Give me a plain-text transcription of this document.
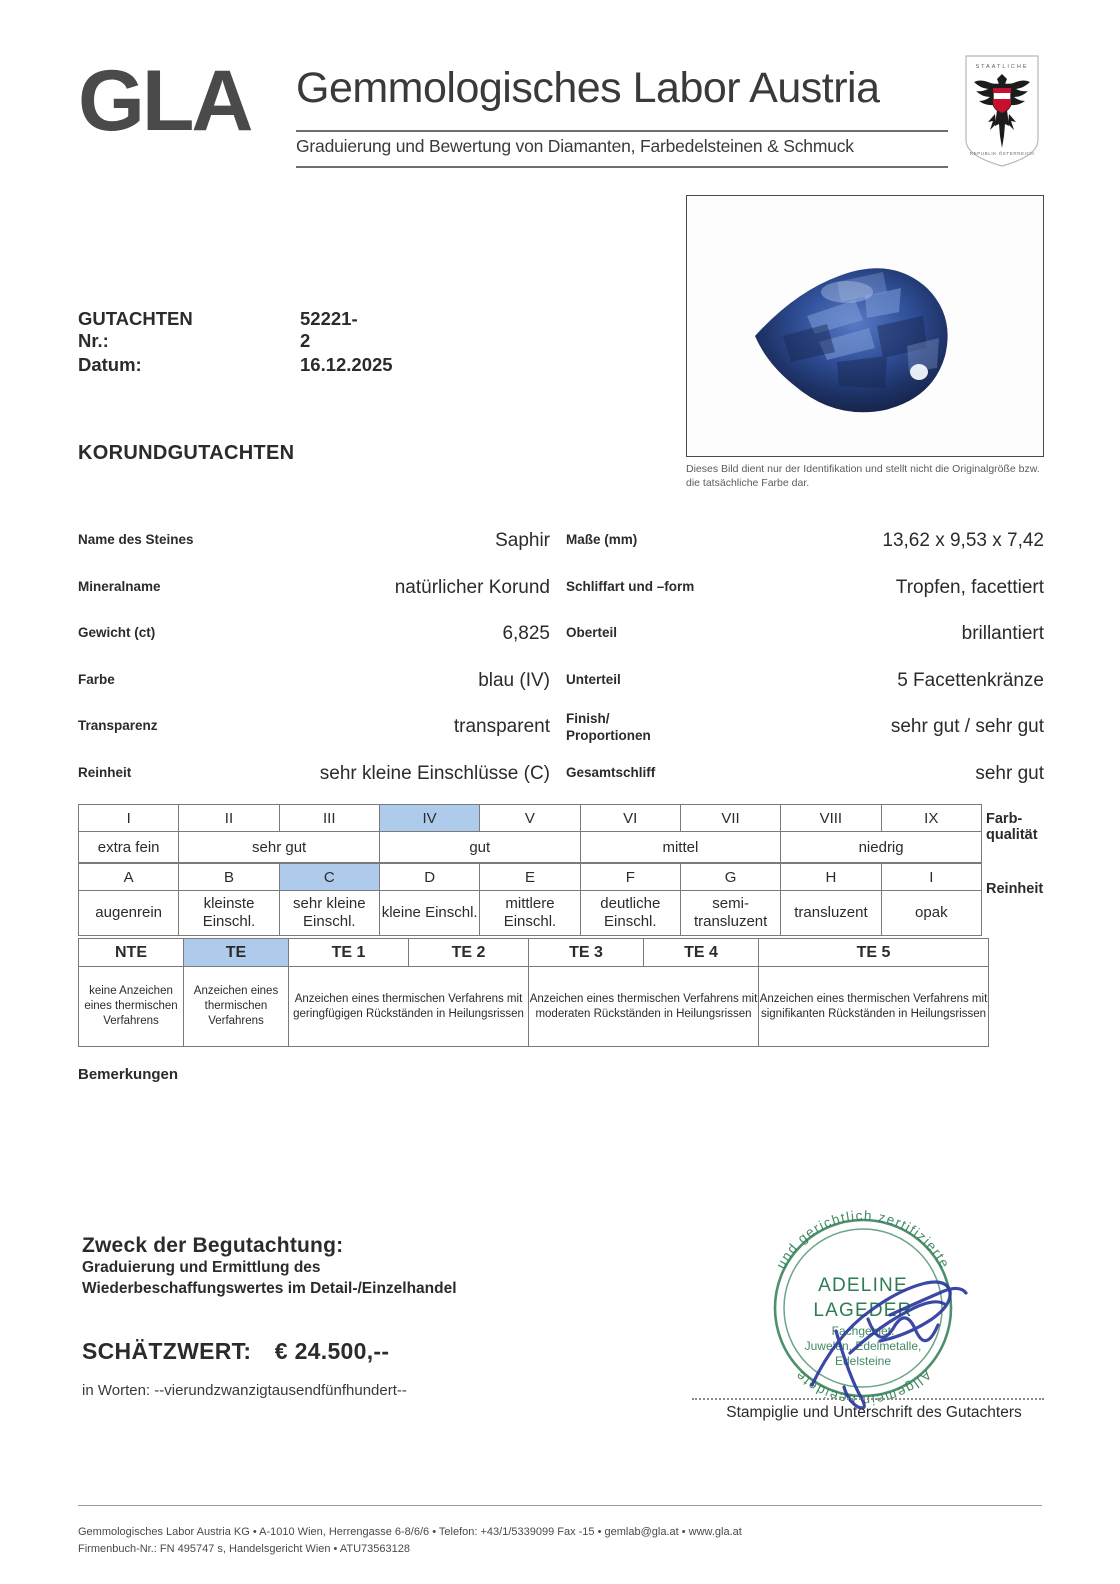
GLA Gemmologisches Labor Austria
Graduierung und Bewertung von Diamanten, Farbedelsteinen & Schmuck
STAATLICHE
REPUBLIK ÖSTERREICH
GUTACHTEN Nr.:
52221-2
Datum:	16.12.2025
KORUNDGUTACHTEN
Dieses Bild dient nur der Identifikation und stellt nicht die Originalgröße bzw. die tatsächliche Farbe dar.
Name des Steines	Saphir
Mineralname	natürlicher Korund
Gewicht (ct)	6,825
Farbe	blau (IV)
Transparenz	transparent
Reinheit	sehr kleine Einschlüsse (C)
Maße (mm)	13,62 x 9,53 x 7,42
Schliffart und –form	Tropfen, facettiert
Oberteil	brillantiert
Unterteil	5 Facettenkränze
Finish/
Proportionen	sehr gut / sehr gut
Gesamtschliff	sehr gut
I	II	III	IV	V	VI	VII	VIII	IX
extra fein	sehr gut		gut		mittel		niedrig	
A	B	C	D	E	F	G	H	I
augenrein	kleinste Einschl.	sehr kleine Einschl.	kleine Einschl.	mittlere Einschl.	deutliche Einschl.	semi-transluzent	transluzent	opak
Farb-
qualität
Reinheit
NTE	TE	TE 1	TE 2	TE 3	TE 4	TE 5
keine Anzeichen eines thermischen Verfahrens	Anzeichen eines thermischen Verfahrens	Anzeichen eines thermischen Verfahrens mit geringfügigen Rückständen in Heilungsrissen		Anzeichen eines thermischen Verfahrens mit moderaten Rückständen in Heilungsrissen		Anzeichen eines thermischen Verfahrens mit signifikanten Rückständen in Heilungsrissen
Bemerkungen
Zweck der Begutachtung:
Graduierung und Ermittlung des
Wiederbeschaffungswertes im Detail-/Einzelhandel
SCHÄTZWERT: € 24.500,--
in Worten: --vierundzwanzigtausendfünfhundert--
und gerichtlich zertifizierte
Allgemein beeidete
ADELINE
LAGEDER
Fachgebiet:
Juwelen, Edelmetalle,
Edelsteine
Stampiglie und Unterschrift des Gutachters
Gemmologisches Labor Austria KG • A-1010 Wien, Herrengasse 6-8/6/6 • Telefon: +43/1/5339099 Fax -15 • gemlab@gla.at • www.gla.at
Firmenbuch-Nr.: FN 495747 s, Handelsgericht Wien • ATU73563128
